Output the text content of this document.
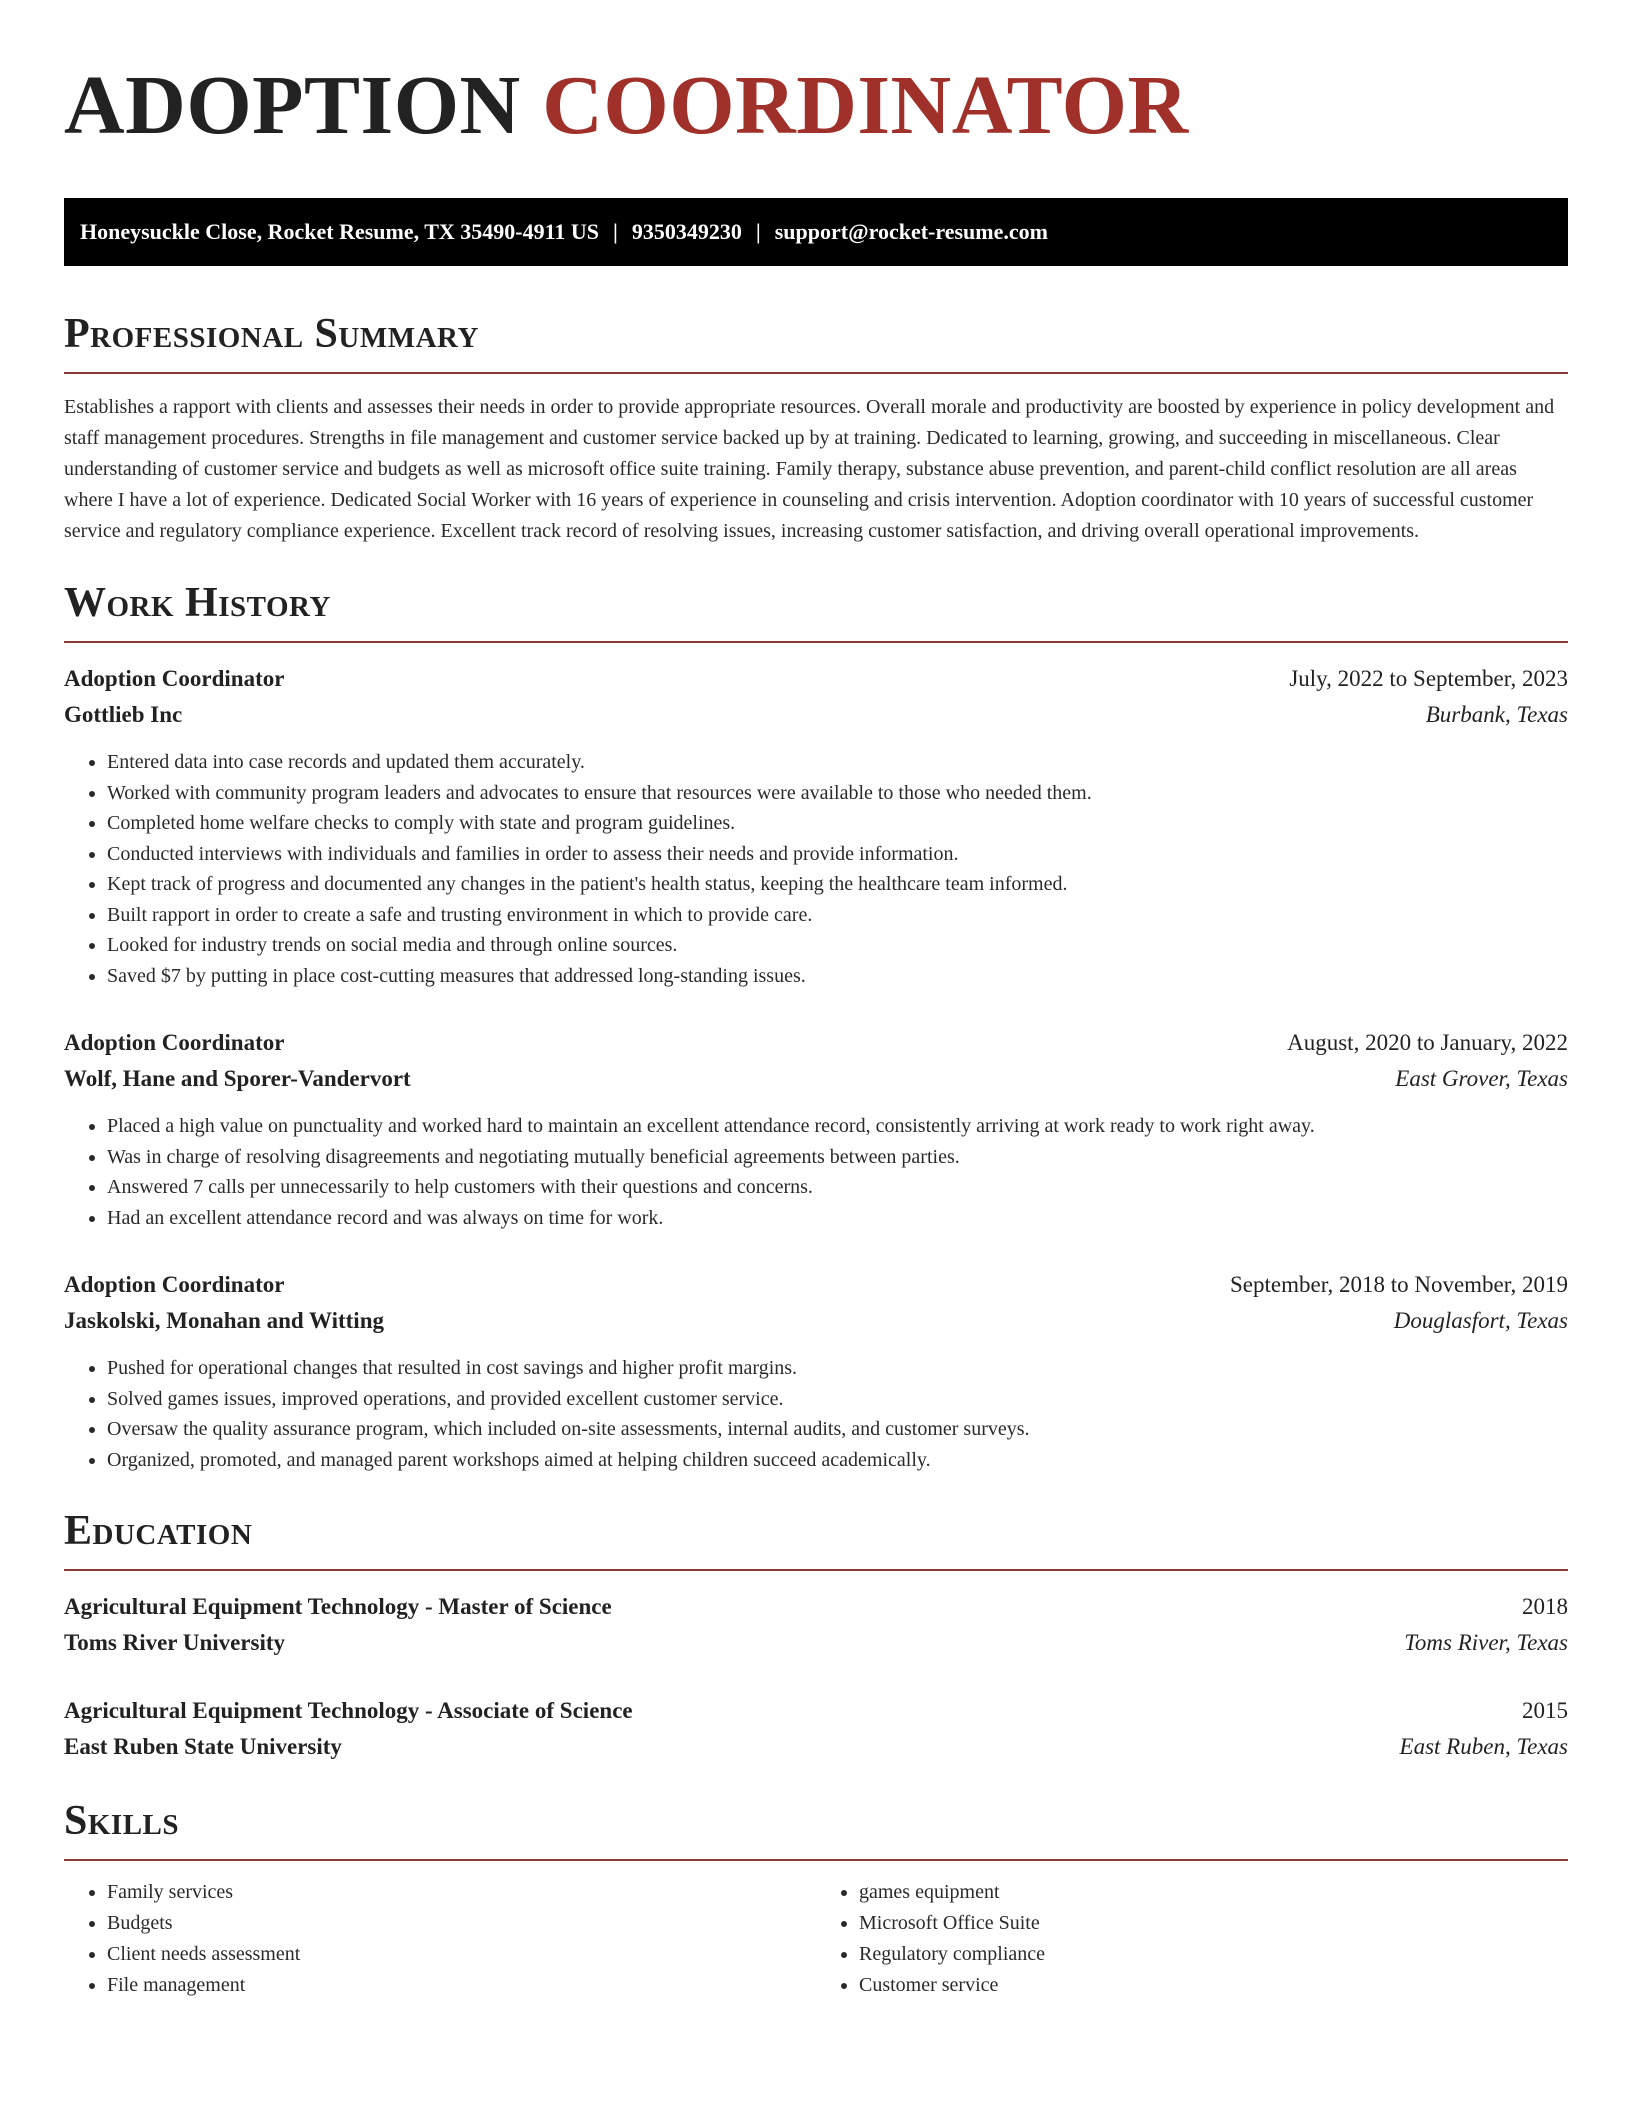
ADOPTION COORDINATOR
Honeysuckle Close, Rocket Resume, TX 35490-4911 US | 9350349230 | support@rocket-resume.com
Professional Summary

Establishes a rapport with clients and assesses their needs in order to provide appropriate resources. Overall morale and productivity are boosted by experience in policy development and staff management procedures. Strengths in file management and customer service backed up by at training. Dedicated to learning, growing, and succeeding in miscellaneous. Clear understanding of customer service and budgets as well as microsoft office suite training. Family therapy, substance abuse prevention, and parent-child conflict resolution are all areas where I have a lot of experience. Dedicated Social Worker with 16 years of experience in counseling and crisis intervention. Adoption coordinator with 10 years of successful customer service and regulatory compliance experience. Excellent track record of resolving issues, increasing customer satisfaction, and driving overall operational improvements.

Work History
Adoption Coordinator	July, 2022 to September, 2023
Gottlieb Inc	Burbank, Texas
• Entered data into case records and updated them accurately.
• Worked with community program leaders and advocates to ensure that resources were available to those who needed them.
• Completed home welfare checks to comply with state and program guidelines.
• Conducted interviews with individuals and families in order to assess their needs and provide information.
• Kept track of progress and documented any changes in the patient's health status, keeping the healthcare team informed.
• Built rapport in order to create a safe and trusting environment in which to provide care.
• Looked for industry trends on social media and through online sources.
• Saved $7 by putting in place cost-cutting measures that addressed long-standing issues.
Adoption Coordinator	August, 2020 to January, 2022
Wolf, Hane and Sporer-Vandervort	East Grover, Texas
• Placed a high value on punctuality and worked hard to maintain an excellent attendance record, consistently arriving at work ready to work right away.
• Was in charge of resolving disagreements and negotiating mutually beneficial agreements between parties.
• Answered 7 calls per unnecessarily to help customers with their questions and concerns.
• Had an excellent attendance record and was always on time for work.
Adoption Coordinator	September, 2018 to November, 2019
Jaskolski, Monahan and Witting	Douglasfort, Texas
• Pushed for operational changes that resulted in cost savings and higher profit margins.
• Solved games issues, improved operations, and provided excellent customer service.
• Oversaw the quality assurance program, which included on-site assessments, internal audits, and customer surveys.
• Organized, promoted, and managed parent workshops aimed at helping children succeed academically.
Education
Agricultural Equipment Technology - Master of Science	2018
Toms River University	Toms River, Texas
Agricultural Equipment Technology - Associate of Science	2015
East Ruben State University	East Ruben, Texas
Skills
• Family services
• Budgets
• Client needs assessment
• File management
• games equipment
• Microsoft Office Suite
• Regulatory compliance
• Customer service
